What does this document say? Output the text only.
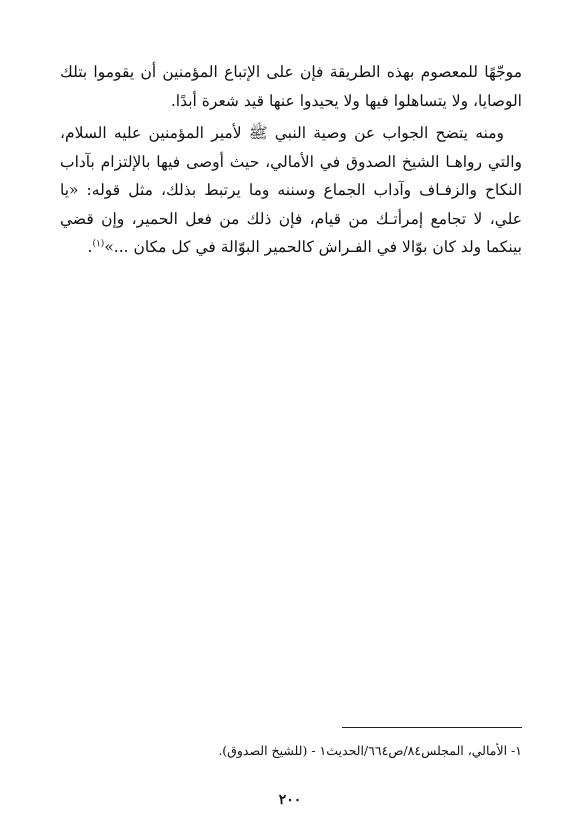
موجّهًا للمعصوم بهذه الطريقة فإن على الإتباع المؤمنين أن يقوموا بتلك الوصايا، ولا يتساهلوا فيها ولا يحيدوا عنها قيد شعرة أبدًا.

ومنه يتضح الجواب عن وصية النبي ﷺ لأمير المؤمنين عليه السلام، والتي رواهـا الشيخ الصدوق في الأمالي، حيث أوصى فيها بالإلتزام بآداب النكاح والزفـاف وآداب الجماع وسننه وما يرتبط بذلك، مثل قوله: «يا علي، لا تجامع إمرأتـك من قيام، فإن ذلك من فعل الحمير، وإن قضي بينكما ولد كان بوّالا في الفـراش كالحمير البوّالة في كل مكان ...»$^{(١)}$.

١- الأمالي، المجلس٨٤/ص٦٦٤/الحديث١ - (للشيخ الصدوق).

٢٠٠
